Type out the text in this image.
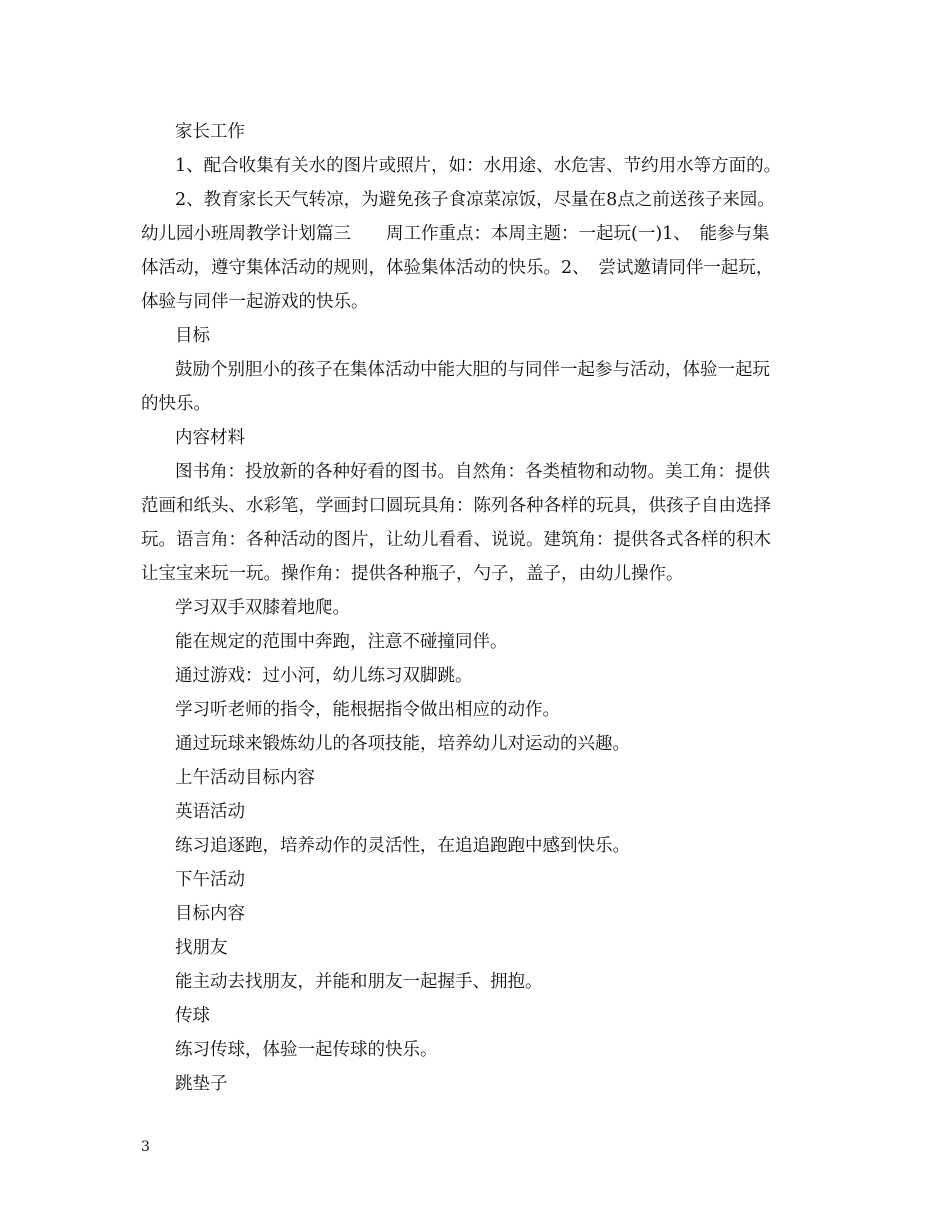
家长工作
1、配合收集有关水的图片或照片，如：水用途、水危害、节约用水等方面的。
2、教育家长天气转凉，为避免孩子食凉菜凉饭，尽量在8点之前送孩子来园。
幼儿园小班周教学计划篇三　　周工作重点：本周主题：一起玩(一)1、　能参与集
体活动，遵守集体活动的规则，体验集体活动的快乐。2、　尝试邀请同伴一起玩，
体验与同伴一起游戏的快乐。
目标
鼓励个别胆小的孩子在集体活动中能大胆的与同伴一起参与活动，体验一起玩
的快乐。
内容材料
图书角：投放新的各种好看的图书。自然角：各类植物和动物。美工角：提供
范画和纸头、水彩笔，学画封口圆玩具角：陈列各种各样的玩具，供孩子自由选择
玩。语言角：各种活动的图片，让幼儿看看、说说。建筑角：提供各式各样的积木
让宝宝来玩一玩。操作角：提供各种瓶子，勺子，盖子，由幼儿操作。
学习双手双膝着地爬。
能在规定的范围中奔跑，注意不碰撞同伴。
通过游戏：过小河，幼儿练习双脚跳。
学习听老师的指令，能根据指令做出相应的动作。
通过玩球来锻炼幼儿的各项技能，培养幼儿对运动的兴趣。
上午活动目标内容
英语活动
练习追逐跑，培养动作的灵活性，在追追跑跑中感到快乐。
下午活动
目标内容
找朋友
能主动去找朋友，并能和朋友一起握手、拥抱。
传球
练习传球，体验一起传球的快乐。
跳垫子
3
